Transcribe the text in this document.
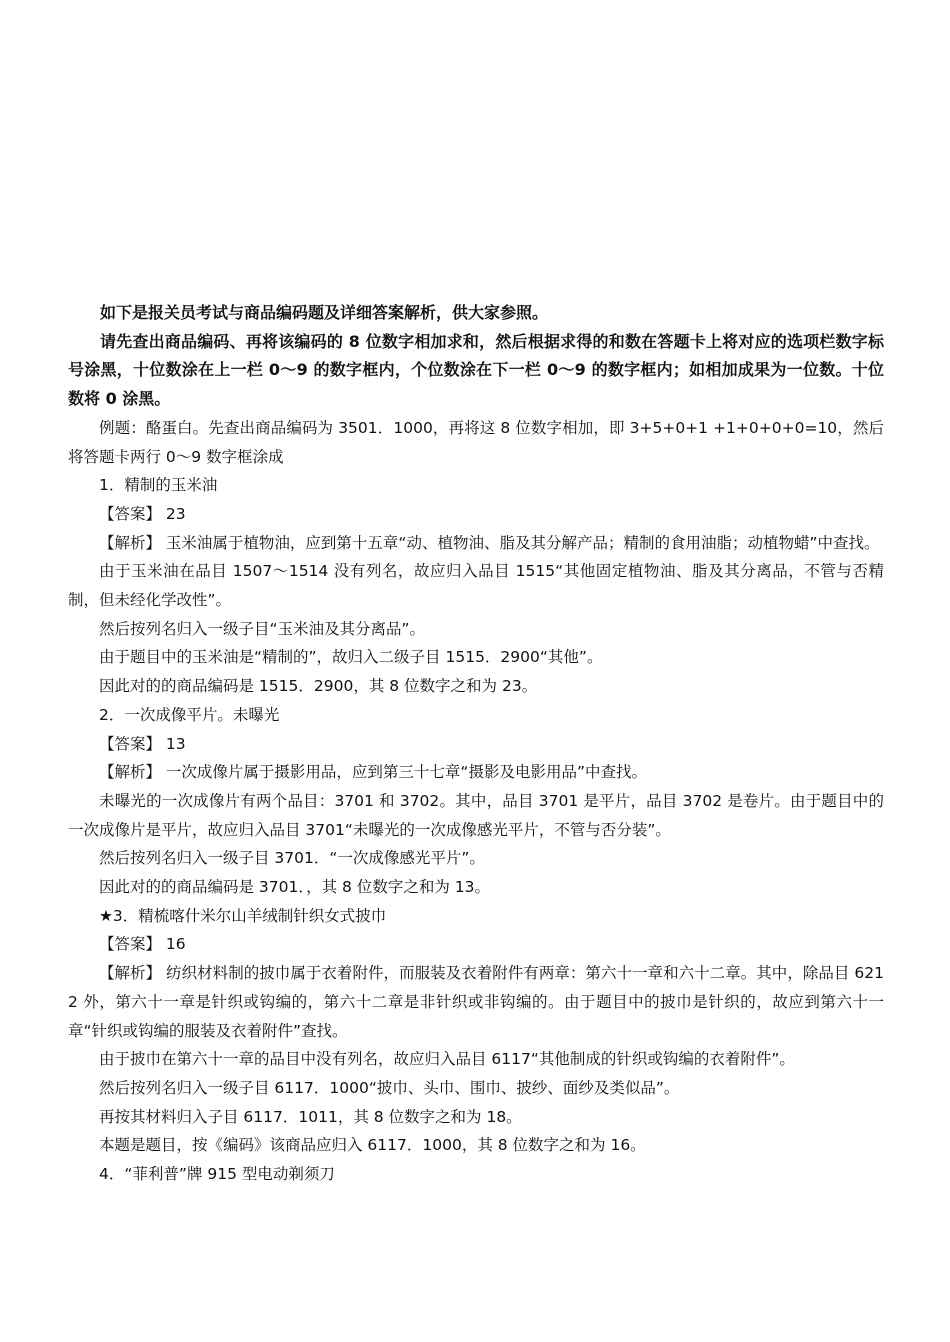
如下是报关员考试与商品编码题及详细答案解析，供大家参照。

请先查出商品编码、再将该编码的 8 位数字相加求和，然后根据求得的和数在答题卡上将对应的选项栏数字标号涂黑，十位数涂在上一栏 0～9 的数字框内，个位数涂在下一栏 0～9 的数字框内；如相加成果为一位数。十位数将 0 涂黑。

例题：酪蛋白。先查出商品编码为 3501．1000，再将这 8 位数字相加，即 3+5+0+1 +1+0+0+0=10，然后将答题卡两行 0～9 数字框涂成

1．精制的玉米油

【答案】 23

【解析】 玉米油属于植物油，应到第十五章“动、植物油、脂及其分解产品；精制的食用油脂；动植物蜡”中查找。

由于玉米油在品目 1507～1514 没有列名，故应归入品目 1515“其他固定植物油、脂及其分离品，不管与否精制，但未经化学改性”。

然后按列名归入一级子目“玉米油及其分离品”。

由于题目中的玉米油是“精制的”，故归入二级子目 1515．2900“其他”。

因此对的的商品编码是 1515．2900，其 8 位数字之和为 23。

2．一次成像平片。未曝光

【答案】 13

【解析】 一次成像片属于摄影用品，应到第三十七章“摄影及电影用品”中查找。

未曝光的一次成像片有两个品目：3701 和 3702。其中，品目 3701 是平片，品目 3702 是卷片。由于题目中的一次成像片是平片，故应归入品目 3701“未曝光的一次成像感光平片，不管与否分装”。

然后按列名归入一级子目 3701．“一次成像感光平片”。

因此对的的商品编码是 3701．，其 8 位数字之和为 13。

★3．精梳喀什米尔山羊绒制针织女式披巾

【答案】 16

【解析】 纺织材料制的披巾属于衣着附件，而服装及衣着附件有两章：第六十一章和六十二章。其中，除品目 6212 外，第六十一章是针织或钩编的，第六十二章是非针织或非钩编的。由于题目中的披巾是针织的，故应到第六十一章“针织或钩编的服装及衣着附件”查找。

由于披巾在第六十一章的品目中没有列名，故应归入品目 6117“其他制成的针织或钩编的衣着附件”。

然后按列名归入一级子目 6117．1000“披巾、头巾、围巾、披纱、面纱及类似品”。

再按其材料归入子目 6117．1011，其 8 位数字之和为 18。

本题是题目，按《编码》该商品应归入 6117．1000，其 8 位数字之和为 16。

4．“菲利普”牌 915 型电动剃须刀
